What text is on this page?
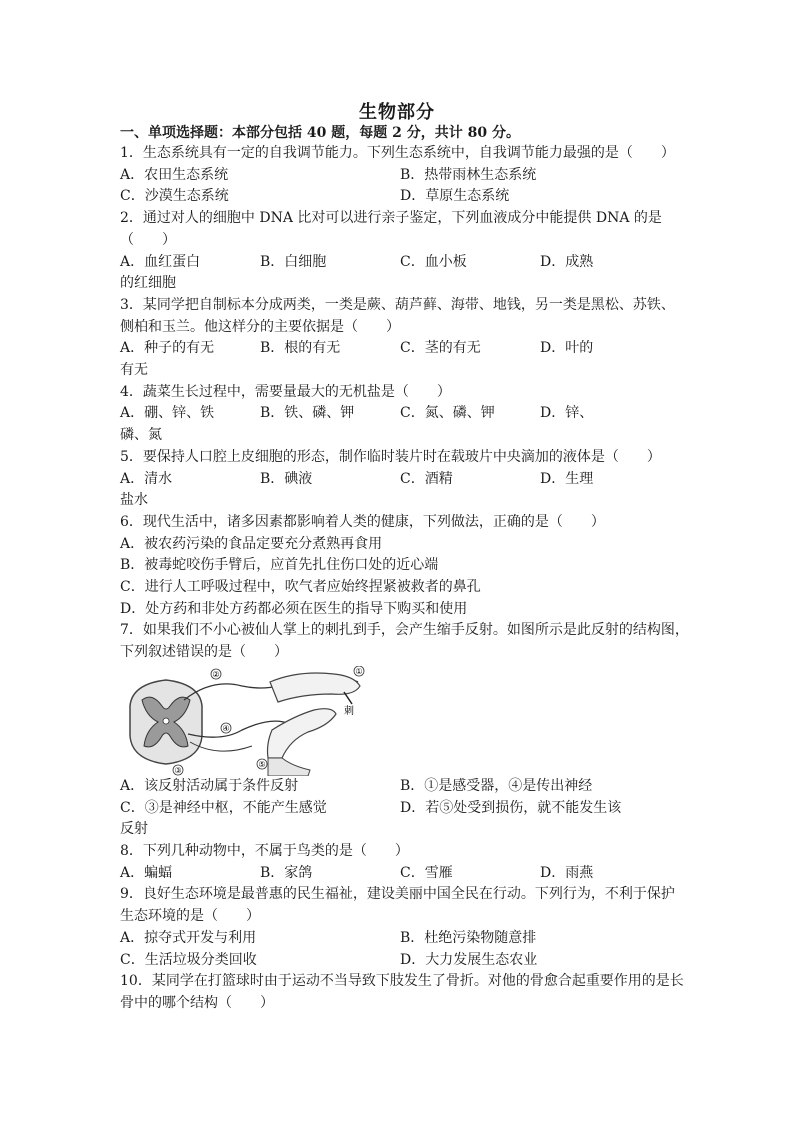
生物部分
一、单项选择题：本部分包括 40 题，每题 2 分，共计 80 分。
1．生态系统具有一定的自我调节能力。下列生态系统中，自我调节能力最强的是（　　）
A．农田生态系统	B．热带雨林生态系统
C．沙漠生态系统	D．草原生态系统
2．通过对人的细胞中 DNA 比对可以进行亲子鉴定，下列血液成分中能提供 DNA 的是
（　　）
A．血红蛋白	B．白细胞	C．血小板	D．成熟
的红细胞
3．某同学把自制标本分成两类，一类是蕨、葫芦藓、海带、地钱，另一类是黑松、苏铁、
侧柏和玉兰。他这样分的主要依据是（　　）
A．种子的有无	B．根的有无	C．茎的有无	D．叶的
有无
4．蔬菜生长过程中，需要量最大的无机盐是（　　）
A．硼、锌、铁	B．铁、磷、钾	C．氮、磷、钾	D．锌、
磷、氮
5．要保持人口腔上皮细胞的形态，制作临时装片时在载玻片中央滴加的液体是（　　）
A．清水	B．碘液	C．酒精	D．生理
盐水
6．现代生活中，诸多因素都影响着人类的健康，下列做法，正确的是（　　）
A．被农药污染的食品定要充分煮熟再食用
B．被毒蛇咬伤手臂后，应首先扎住伤口处的近心端
C．进行人工呼吸过程中，吹气者应始终捏紧被救者的鼻孔
D．处方药和非处方药都必须在医生的指导下购买和使用
7．如果我们不小心被仙人掌上的刺扎到手，会产生缩手反射。如图所示是此反射的结构图，
下列叙述错误的是（　　）
①
②
③
④
⑤
刺
A．该反射活动属于条件反射	B．①是感受器，④是传出神经
C．③是神经中枢，不能产生感觉	D．若⑤处受到损伤，就不能发生该
反射
8．下列几种动物中，不属于鸟类的是（　　）
A．蝙蝠	B．家鸽	C．雪雁	D．雨燕
9．良好生态环境是最普惠的民生福祉，建设美丽中国全民在行动。下列行为，不利于保护
生态环境的是（　　）
A．掠夺式开发与利用	B．杜绝污染物随意排
C．生活垃圾分类回收	D．大力发展生态农业
10．某同学在打篮球时由于运动不当导致下肢发生了骨折。对他的骨愈合起重要作用的是长
骨中的哪个结构（　　）
